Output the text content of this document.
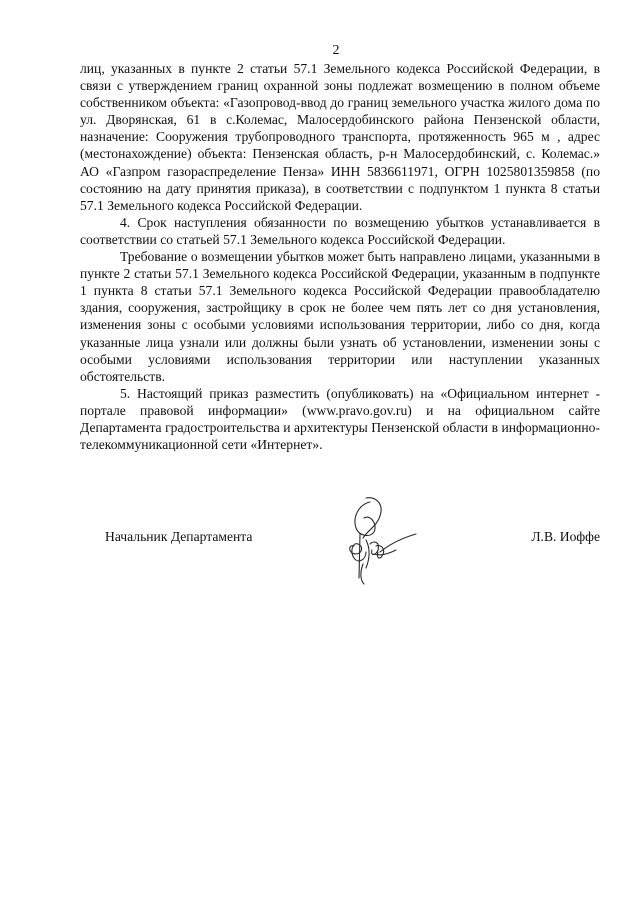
2

лиц, указанных в пункте 2 статьи 57.1 Земельного кодекса Российской Федерации, в связи с утверждением границ охранной зоны подлежат возмещению в полном объеме собственником объекта: «Газопровод-ввод до границ земельного участка жилого дома по ул. Дворянская, 61 в с.Колемас, Малосердобинского района Пензенской области, назначение: Сооружения трубопроводного транспорта, протяженность 965 м , адрес (местонахождение) объекта: Пензенская область, р-н Малосердобинский, с. Колемас.» АО «Газпром газораспределение Пенза» ИНН 5836611971, ОГРН 1025801359858 (по состоянию на дату принятия приказа), в соответствии с подпунктом 1 пункта 8 статьи 57.1 Земельного кодекса Российской Федерации.

4. Срок наступления обязанности по возмещению убытков устанавливается в соответствии со статьей 57.1 Земельного кодекса Российской Федерации.

Требование о возмещении убытков может быть направлено лицами, указанными в пункте 2 статьи 57.1 Земельного кодекса Российской Федерации, указанным в подпункте 1 пункта 8 статьи 57.1 Земельного кодекса Российской Федерации правообладателю здания, сооружения, застройщику в срок не более чем пять лет со дня установления, изменения зоны с особыми условиями использования территории, либо со дня, когда указанные лица узнали или должны были узнать об установлении, изменении зоны с особыми условиями использования территории или наступлении указанных обстоятельств.

5. Настоящий приказ разместить (опубликовать) на «Официальном интернет - портале правовой информации» (www.pravo.gov.ru) и на официальном сайте Департамента градостроительства и архитектуры Пензенской области в информационно-телекоммуникационной сети «Интернет».

Начальник Департамента	Л.В. Иоффе
